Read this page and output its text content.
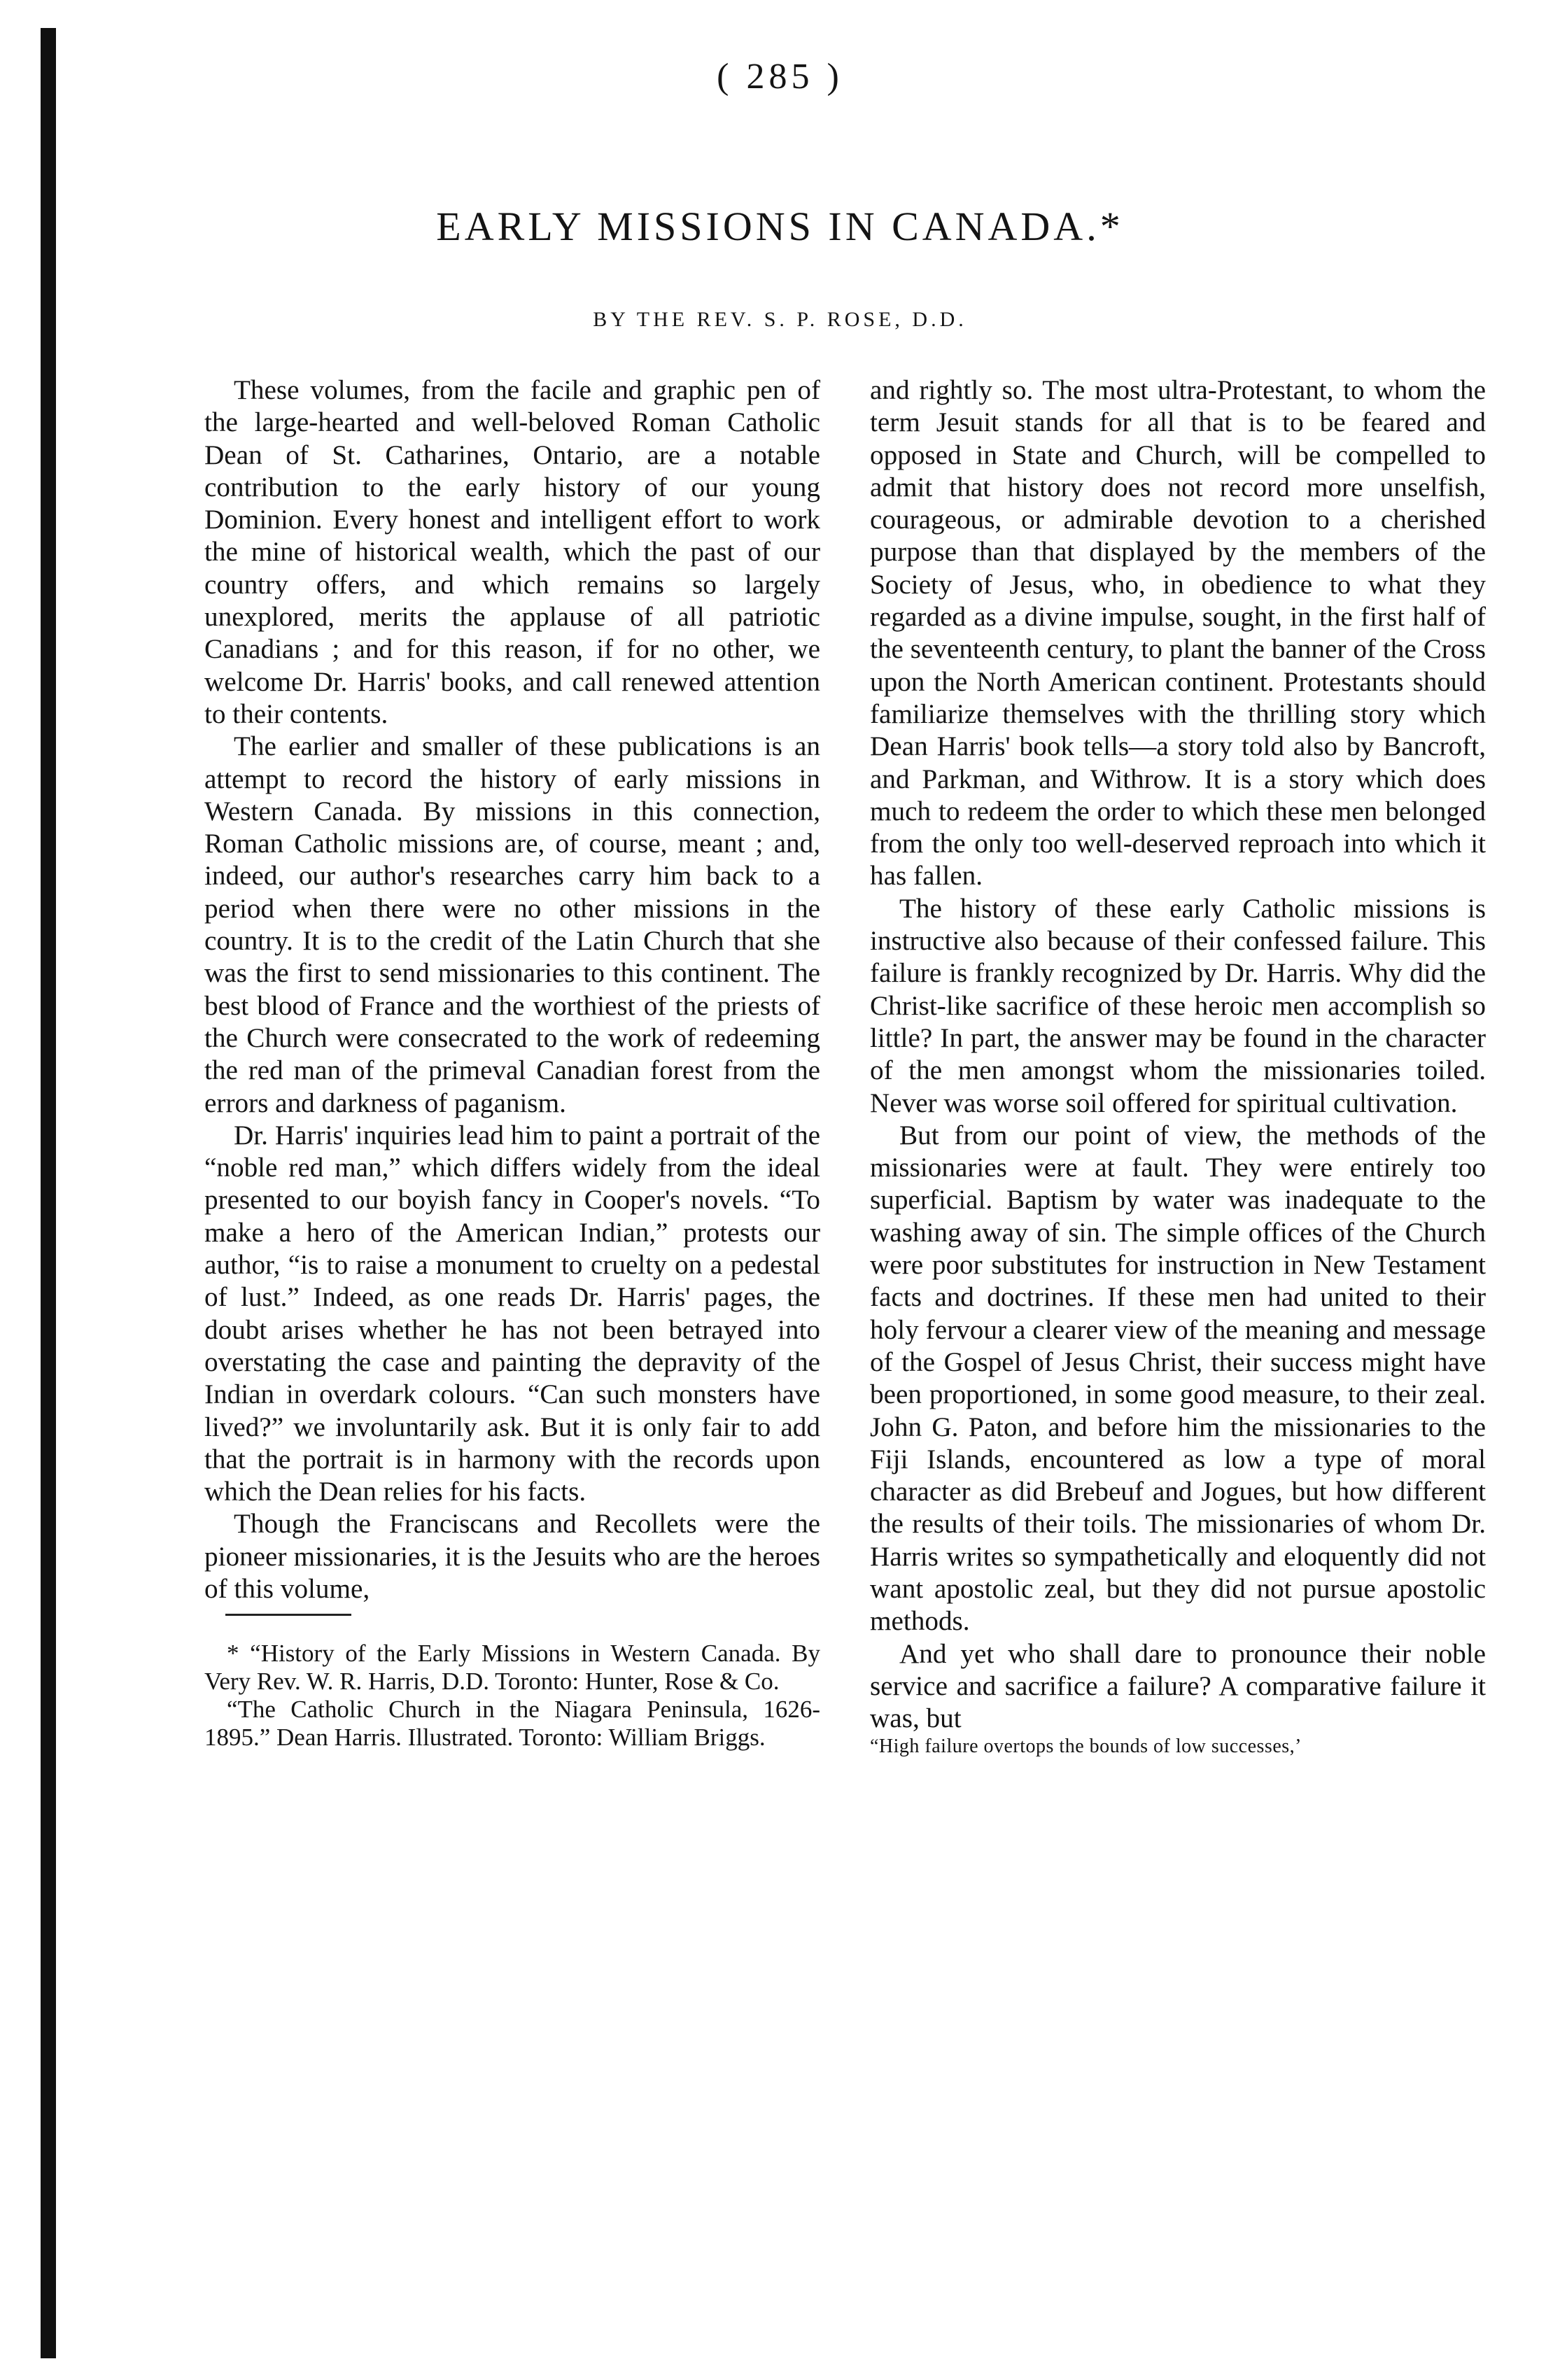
( 285 )
EARLY MISSIONS IN CANADA.*
BY THE REV. S. P. ROSE, D.D.

These volumes, from the facile and graphic pen of the large-hearted and well-beloved Roman Catholic Dean of St. Catharines, Ontario, are a notable contribution to the early history of our young Dominion. Every honest and intelligent effort to work the mine of historical wealth, which the past of our country offers, and which remains so largely unexplored, merits the applause of all patriotic Canadians ; and for this reason, if for no other, we welcome Dr. Harris' books, and call renewed attention to their contents.

The earlier and smaller of these publications is an attempt to record the history of early missions in Western Canada. By missions in this connection, Roman Catholic missions are, of course, meant ; and, indeed, our author's researches carry him back to a period when there were no other missions in the country. It is to the credit of the Latin Church that she was the first to send missionaries to this continent. The best blood of France and the worthiest of the priests of the Church were consecrated to the work of redeeming the red man of the primeval Canadian forest from the errors and darkness of paganism.

Dr. Harris' inquiries lead him to paint a portrait of the “noble red man,” which differs widely from the ideal presented to our boyish fancy in Cooper's novels. “To make a hero of the American Indian,” protests our author, “is to raise a monument to cruelty on a pedestal of lust.” Indeed, as one reads Dr. Harris' pages, the doubt arises whether he has not been betrayed into overstating the case and painting the depravity of the Indian in overdark colours. “Can such monsters have lived?” we involuntarily ask. But it is only fair to add that the portrait is in harmony with the records upon which the Dean relies for his facts.

Though the Franciscans and Recollets were the pioneer missionaries, it is the Jesuits who are the heroes of this volume,

* “History of the Early Missions in Western Canada. By Very Rev. W. R. Harris, D.D. Toronto: Hunter, Rose & Co.

“The Catholic Church in the Niagara Peninsula, 1626-1895.” Dean Harris. Illustrated. Toronto: William Briggs.

and rightly so. The most ultra-Protestant, to whom the term Jesuit stands for all that is to be feared and opposed in State and Church, will be compelled to admit that history does not record more unselfish, courageous, or admirable devotion to a cherished purpose than that displayed by the members of the Society of Jesus, who, in obedience to what they regarded as a divine impulse, sought, in the first half of the seventeenth century, to plant the banner of the Cross upon the North American continent. Protestants should familiarize themselves with the thrilling story which Dean Harris' book tells—a story told also by Bancroft, and Parkman, and Withrow. It is a story which does much to redeem the order to which these men belonged from the only too well-deserved reproach into which it has fallen.

The history of these early Catholic missions is instructive also because of their confessed failure. This failure is frankly recognized by Dr. Harris. Why did the Christ-like sacrifice of these heroic men accomplish so little? In part, the answer may be found in the character of the men amongst whom the missionaries toiled. Never was worse soil offered for spiritual cultivation.

But from our point of view, the methods of the missionaries were at fault. They were entirely too superficial. Baptism by water was inadequate to the washing away of sin. The simple offices of the Church were poor substitutes for instruction in New Testament facts and doctrines. If these men had united to their holy fervour a clearer view of the meaning and message of the Gospel of Jesus Christ, their success might have been proportioned, in some good measure, to their zeal. John G. Paton, and before him the missionaries to the Fiji Islands, encountered as low a type of moral character as did Brebeuf and Jogues, but how different the results of their toils. The missionaries of whom Dr. Harris writes so sympathetically and eloquently did not want apostolic zeal, but they did not pursue apostolic methods.

And yet who shall dare to pronounce their noble service and sacrifice a failure? A comparative failure it was, but

“High failure overtops the bounds of low successes,’
